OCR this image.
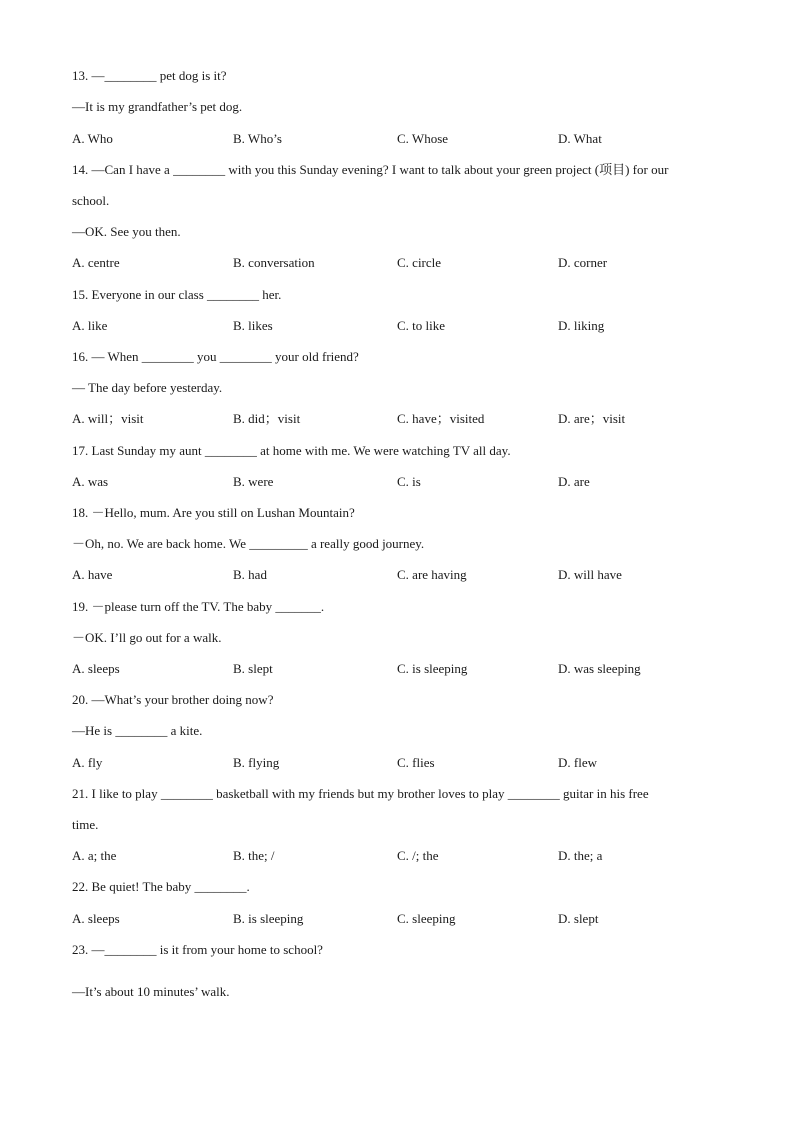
13. —________ pet dog is it?
—It is my grandfather’s pet dog.
A. Who	B. Who’s	C. Whose	D. What
14. —Can I have a ________ with you this Sunday evening? I want to talk about your green project (项目) for our
school.
—OK. See you then.
A. centre	B. conversation	C. circle	D. corner
15. Everyone in our class ________ her.
A. like	B. likes	C. to like	D. liking
16. — When ________ you ________ your old friend?
— The day before yesterday.
A. will；visit	B. did；visit	C. have；visited	D. are；visit
17. Last Sunday my aunt ________ at home with me. We were watching TV all day.
A. was	B. were	C. is	D. are
18. －Hello, mum. Are you still on Lushan Mountain?
－Oh, no. We are back home. We _________ a really good journey.
A. have	B. had	C. are having	D. will have
19. －please turn off the TV. The baby _______.
－OK. I’ll go out for a walk.
A. sleeps	B. slept	C. is sleeping	D. was sleeping
20. —What’s your brother doing now?
—He is ________ a kite.
A. fly	B. flying	C. flies	D. flew
21. I like to play ________ basketball with my friends but my brother loves to play ________ guitar in his free
time.
A. a; the	B. the; /	C. /; the	D. the; a
22. Be quiet! The baby ________.
A. sleeps	B. is sleeping	C. sleeping	D. slept
23. —________ is it from your home to school?
—It’s about 10 minutes’ walk.
